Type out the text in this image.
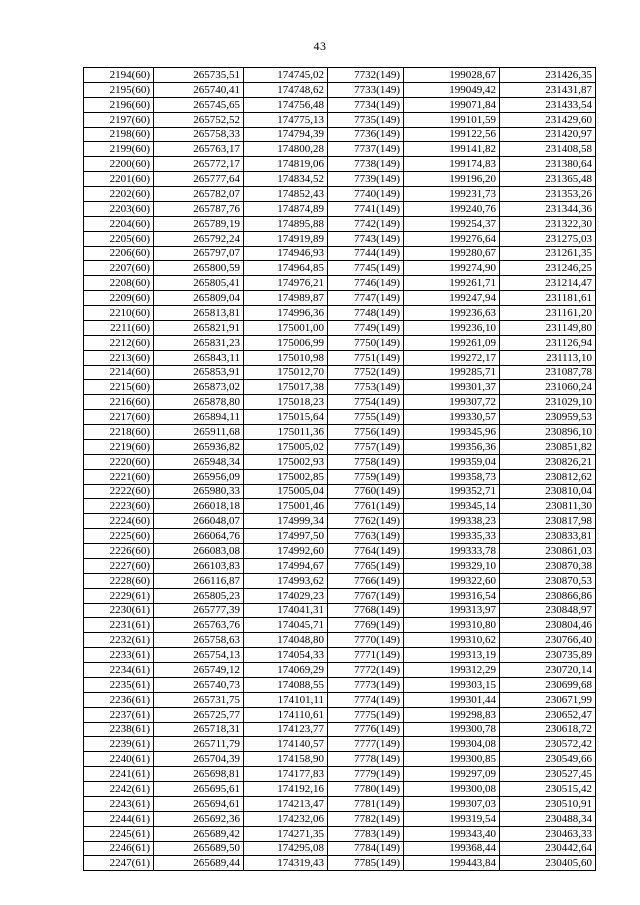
43
2194(60)	265735,51	174745,02	7732(149)	199028,67	231426,35
2195(60)	265740,41	174748,62	7733(149)	199049,42	231431,87
2196(60)	265745,65	174756,48	7734(149)	199071,84	231433,54
2197(60)	265752,52	174775,13	7735(149)	199101,59	231429,60
2198(60)	265758,33	174794,39	7736(149)	199122,56	231420,97
2199(60)	265763,17	174800,28	7737(149)	199141,82	231408,58
2200(60)	265772,17	174819,06	7738(149)	199174,83	231380,64
2201(60)	265777,64	174834,52	7739(149)	199196,20	231365,48
2202(60)	265782,07	174852,43	7740(149)	199231,73	231353,26
2203(60)	265787,76	174874,89	7741(149)	199240,76	231344,36
2204(60)	265789,19	174895,88	7742(149)	199254,37	231322,30
2205(60)	265792,24	174919,89	7743(149)	199276,64	231275,03
2206(60)	265797,07	174946,93	7744(149)	199280,67	231261,35
2207(60)	265800,59	174964,85	7745(149)	199274,90	231246,25
2208(60)	265805,41	174976,21	7746(149)	199261,71	231214,47
2209(60)	265809,04	174989,87	7747(149)	199247,94	231181,61
2210(60)	265813,81	174996,36	7748(149)	199236,63	231161,20
2211(60)	265821,91	175001,00	7749(149)	199236,10	231149,80
2212(60)	265831,23	175006,99	7750(149)	199261,09	231126,94
2213(60)	265843,11	175010,98	7751(149)	199272,17	231113,10
2214(60)	265853,91	175012,70	7752(149)	199285,71	231087,78
2215(60)	265873,02	175017,38	7753(149)	199301,37	231060,24
2216(60)	265878,80	175018,23	7754(149)	199307,72	231029,10
2217(60)	265894,11	175015,64	7755(149)	199330,57	230959,53
2218(60)	265911,68	175011,36	7756(149)	199345,96	230896,10
2219(60)	265936,82	175005,02	7757(149)	199356,36	230851,82
2220(60)	265948,34	175002,93	7758(149)	199359,04	230826,21
2221(60)	265956,09	175002,85	7759(149)	199358,73	230812,62
2222(60)	265980,33	175005,04	7760(149)	199352,71	230810,04
2223(60)	266018,18	175001,46	7761(149)	199345,14	230811,30
2224(60)	266048,07	174999,34	7762(149)	199338,23	230817,98
2225(60)	266064,76	174997,50	7763(149)	199335,33	230833,81
2226(60)	266083,08	174992,60	7764(149)	199333,78	230861,03
2227(60)	266103,83	174994,67	7765(149)	199329,10	230870,38
2228(60)	266116,87	174993,62	7766(149)	199322,60	230870,53
2229(61)	265805,23	174029,23	7767(149)	199316,54	230866,86
2230(61)	265777,39	174041,31	7768(149)	199313,97	230848,97
2231(61)	265763,76	174045,71	7769(149)	199310,80	230804,46
2232(61)	265758,63	174048,80	7770(149)	199310,62	230766,40
2233(61)	265754,13	174054,33	7771(149)	199313,19	230735,89
2234(61)	265749,12	174069,29	7772(149)	199312,29	230720,14
2235(61)	265740,73	174088,55	7773(149)	199303,15	230699,68
2236(61)	265731,75	174101,11	7774(149)	199301,44	230671,99
2237(61)	265725,77	174110,61	7775(149)	199298,83	230652,47
2238(61)	265718,31	174123,77	7776(149)	199300,78	230618,72
2239(61)	265711,79	174140,57	7777(149)	199304,08	230572,42
2240(61)	265704,39	174158,90	7778(149)	199300,85	230549,66
2241(61)	265698,81	174177,83	7779(149)	199297,09	230527,45
2242(61)	265695,61	174192,16	7780(149)	199300,08	230515,42
2243(61)	265694,61	174213,47	7781(149)	199307,03	230510,91
2244(61)	265692,36	174232,06	7782(149)	199319,54	230488,34
2245(61)	265689,42	174271,35	7783(149)	199343,40	230463,33
2246(61)	265689,50	174295,08	7784(149)	199368,44	230442,64
2247(61)	265689,44	174319,43	7785(149)	199443,84	230405,60
